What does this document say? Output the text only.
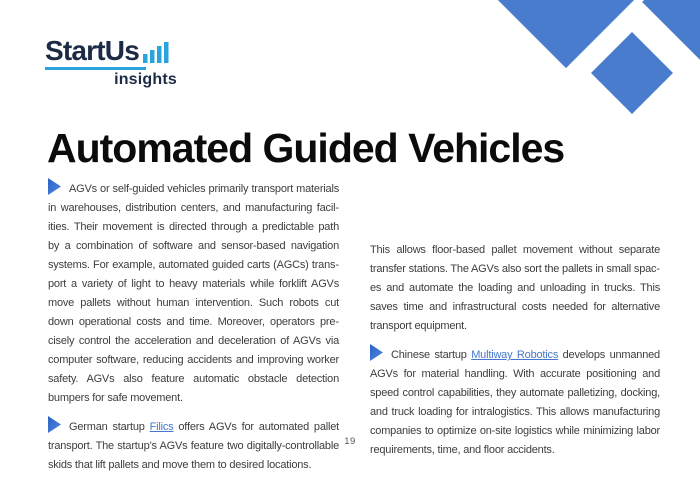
StartUs
insights
Automated Guided Vehicles

AGVs or self-guided vehicles primarily transport materials in warehouses, distribution centers, and manufacturing facilities. Their movement is directed through a predictable path by a combination of software and sensor-based navigation systems. For example, automated guided carts (AGCs) transport a variety of light to heavy materials while forklift AGVs move pallets without human intervention. Such robots cut down operational costs and time. Moreover, operators precisely control the acceleration and deceleration of AGVs via computer software, reducing accidents and improving worker safety. AGVs also feature automatic obstacle detection bumpers for safe movement.

German startup Filics offers AGVs for automated pallet transport. The startup’s AGVs feature two digitally-controllable skids that lift pallets and move them to desired locations.

This allows floor-based pallet movement without separate transfer stations. The AGVs also sort the pallets in small spaces and automate the loading and unloading in trucks. This saves time and infrastructural costs needed for alternative transport equipment.

Chinese startup Multiway Robotics develops unmanned AGVs for material handling. With accurate positioning and speed control capabilities, they automate palletizing, docking, and truck loading for intralogistics. This allows manufacturing companies to optimize on-site logistics while minimizing labor requirements, time, and floor accidents.

19
